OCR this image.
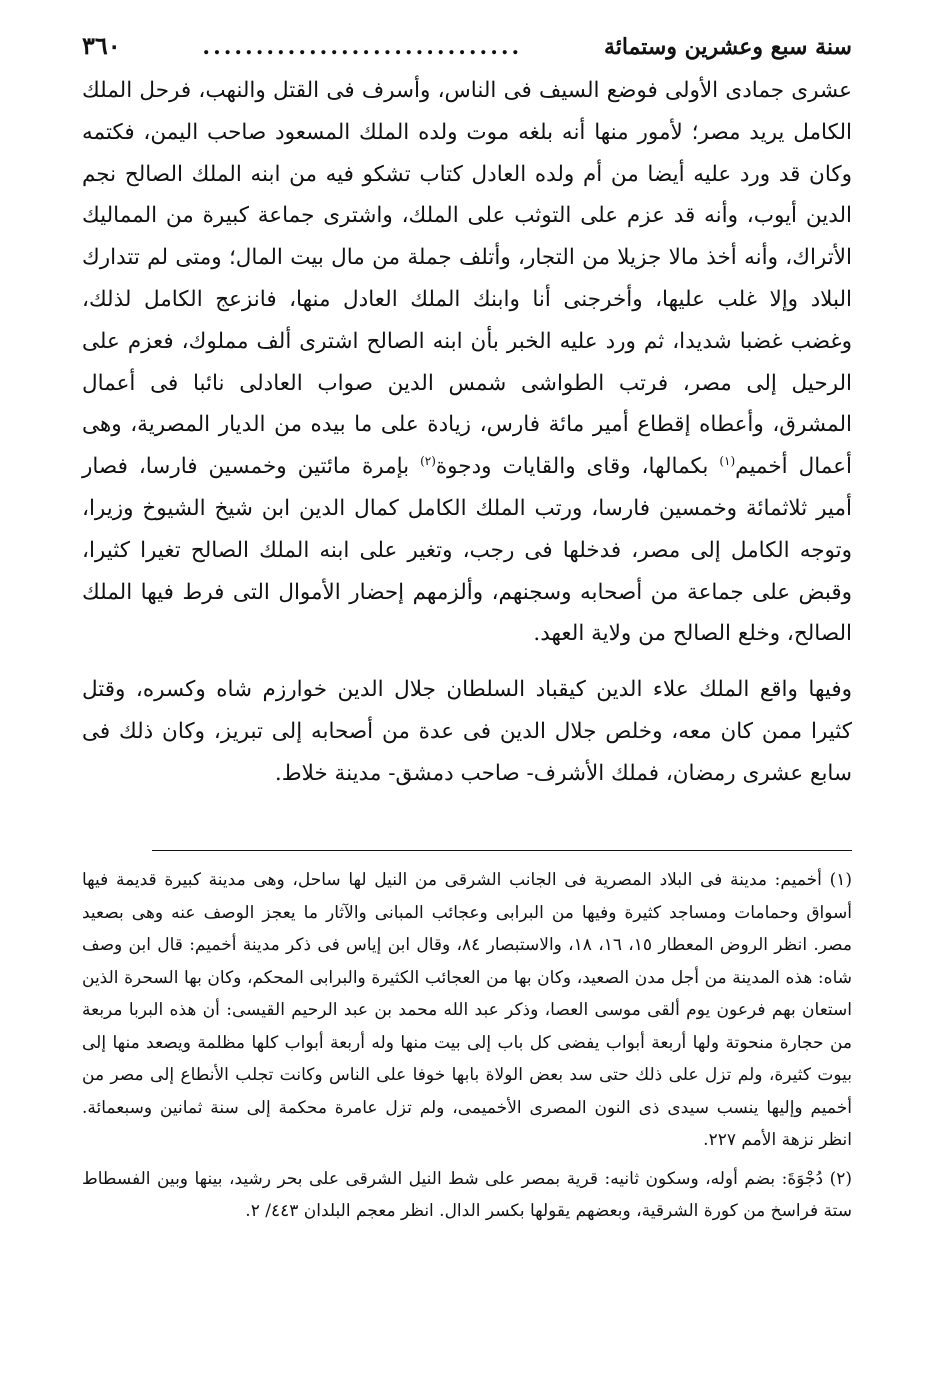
سنة سبع وعشرين وستمائة
..............................
٣٦٠

عشرى جمادى الأولى فوضع السيف فى الناس، وأسرف فى القتل والنهب، فرحل الملك الكامل يريد مصر؛ لأمور منها أنه بلغه موت ولده الملك المسعود صاحب اليمن، فكتمه وكان قد ورد عليه أيضا من أم ولده العادل كتاب تشكو فيه من ابنه الملك الصالح نجم الدين أيوب، وأنه قد عزم على التوثب على الملك، واشترى جماعة كبيرة من المماليك الأتراك، وأنه أخذ مالا جزيلا من التجار، وأتلف جملة من مال بيت المال؛ ومتى لم تتدارك البلاد وإلا غلب عليها، وأخرجنى أنا وابنك الملك العادل منها، فانزعج الكامل لذلك، وغضب غضبا شديدا، ثم ورد عليه الخبر بأن ابنه الصالح اشترى ألف مملوك، فعزم على الرحيل إلى مصر، فرتب الطواشى شمس الدين صواب العادلى نائبا فى أعمال المشرق، وأعطاه إقطاع أمير مائة فارس، زيادة على ما بيده من الديار المصرية، وهى أعمال أخميم$^{(١)}$ بكمالها، وقاى والقايات ودجوة$^{(٢)}$ بإمرة مائتين وخمسين فارسا، فصار أمير ثلاثمائة وخمسين فارسا، ورتب الملك الكامل كمال الدين ابن شيخ الشيوخ وزيرا، وتوجه الكامل إلى مصر، فدخلها فى رجب، وتغير على ابنه الملك الصالح تغيرا كثيرا، وقبض على جماعة من أصحابه وسجنهم، وألزمهم إحضار الأموال التى فرط فيها الملك الصالح، وخلع الصالح من ولاية العهد.

وفيها واقع الملك علاء الدين كيقباد السلطان جلال الدين خوارزم شاه وكسره، وقتل كثيرا ممن كان معه، وخلص جلال الدين فى عدة من أصحابه إلى تبريز، وكان ذلك فى سابع عشرى رمضان، فملك الأشرف- صاحب دمشق- مدينة خلاط.

(١) أخميم: مدينة فى البلاد المصرية فى الجانب الشرقى من النيل لها ساحل، وهى مدينة كبيرة قديمة فيها أسواق وحمامات ومساجد كثيرة وفيها من البرابى وعجائب المبانى والآثار ما يعجز الوصف عنه وهى بصعيد مصر. انظر الروض المعطار ١٥، ١٦، ١٨، والاستبصار ٨٤، وقال ابن إياس فى ذكر مدينة أخميم: قال ابن وصف شاه: هذه المدينة من أجل مدن الصعيد، وكان بها من العجائب الكثيرة والبرابى المحكم، وكان بها السحرة الذين استعان بهم فرعون يوم ألقى موسى العصا، وذكر عبد الله محمد بن عبد الرحيم القيسى: أن هذه البربا مربعة من حجارة منحوتة ولها أربعة أبواب يفضى كل باب إلى بيت منها وله أربعة أبواب كلها مظلمة ويصعد منها إلى بيوت كثيرة، ولم تزل على ذلك حتى سد بعض الولاة بابها خوفا على الناس وكانت تجلب الأنطاع إلى مصر من أخميم وإليها ينسب سيدى ذى النون المصرى الأخميمى، ولم تزل عامرة محكمة إلى سنة ثمانين وسبعمائة. انظر نزهة الأمم ٢٢٧.

(٢) دُجْوَةَ: بضم أوله، وسكون ثانيه: قرية بمصر على شط النيل الشرقى على بحر رشيد، بينها وبين الفسطاط ستة فراسخ من كورة الشرقية، وبعضهم يقولها بكسر الدال. انظر معجم البلدان ٤٤٣/ ٢.
